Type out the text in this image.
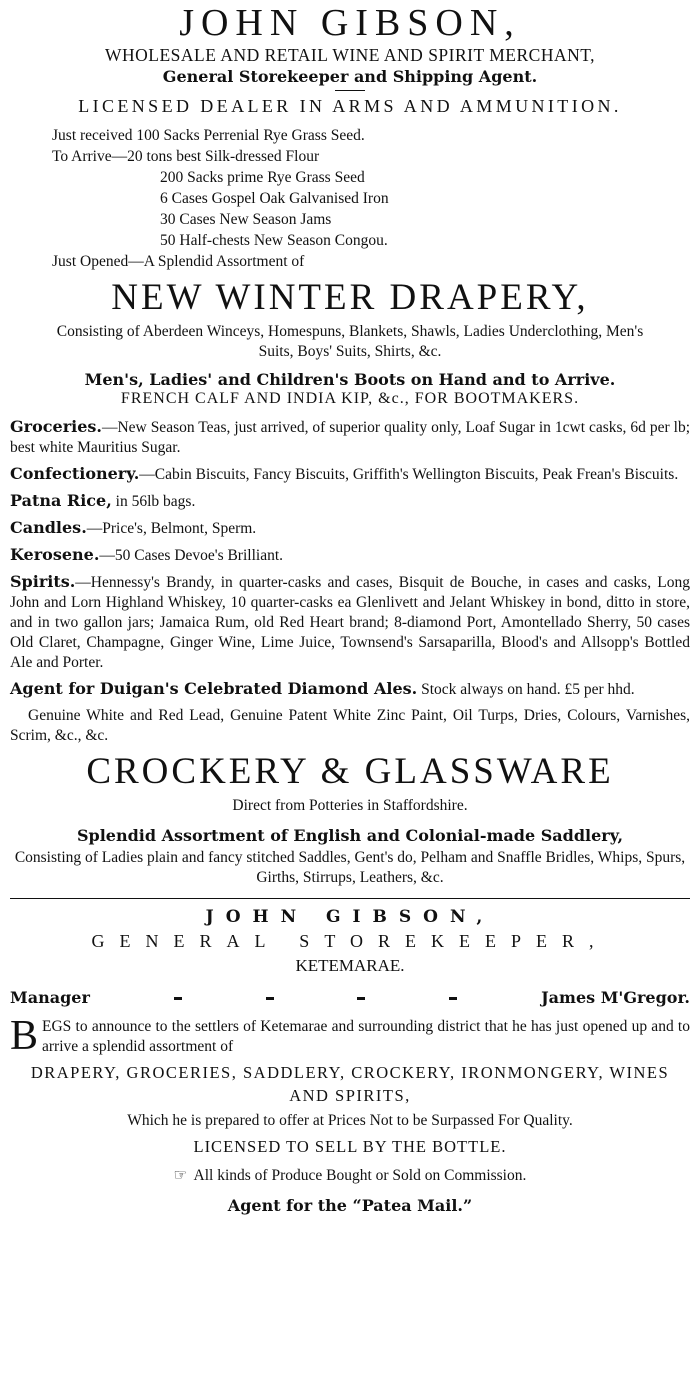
JOHN GIBSON,
WHOLESALE AND RETAIL WINE AND SPIRIT MERCHANT,
General Storekeeper and Shipping Agent.
LICENSED DEALER IN ARMS AND AMMUNITION.
Just received 100 Sacks Perrenial Rye Grass Seed.
To Arrive—20 tons best Silk-dressed Flour
200 Sacks prime Rye Grass Seed
6 Cases Gospel Oak Galvanised Iron
30 Cases New Season Jams
50 Half-chests New Season Congou.
Just Opened—A Splendid Assortment of
NEW WINTER DRAPERY,
Consisting of Aberdeen Winceys, Homespuns, Blankets, Shawls, Ladies Underclothing, Men's Suits, Boys' Suits, Shirts, &c.
Men's, Ladies' and Children's Boots on Hand and to Arrive.
FRENCH CALF AND INDIA KIP, &c., FOR BOOTMAKERS.
Groceries.—New Season Teas, just arrived, of superior quality only, Loaf Sugar in 1cwt casks, 6d per lb; best white Mauritius Sugar.
Confectionery.—Cabin Biscuits, Fancy Biscuits, Griffith's Wellington Biscuits, Peak Frean's Biscuits.
Patna Rice, in 56lb bags.
Candles.—Price's, Belmont, Sperm.
Kerosene.—50 Cases Devoe's Brilliant.
Spirits.—Hennessy's Brandy, in quarter-casks and cases, Bisquit de Bouche, in cases and casks, Long John and Lorn Highland Whiskey, 10 quarter-casks ea Glenlivett and Jelant Whiskey in bond, ditto in store, and in two gallon jars; Jamaica Rum, old Red Heart brand; 8-diamond Port, Amontellado Sherry, 50 cases Old Claret, Champagne, Ginger Wine, Lime Juice, Townsend's Sarsaparilla, Blood's and Allsopp's Bottled Ale and Porter.
Agent for Duigan's Celebrated Diamond Ales. Stock always on hand. £5 per hhd.
Genuine White and Red Lead, Genuine Patent White Zinc Paint, Oil Turps, Dries, Colours, Varnishes, Scrim, &c., &c.
CROCKERY & GLASSWARE
Direct from Potteries in Staffordshire.
Splendid Assortment of English and Colonial-made Saddlery,
Consisting of Ladies plain and fancy stitched Saddles, Gent's do, Pelham and Snaffle Bridles, Whips, Spurs, Girths, Stirrups, Leathers, &c.
JOHN GIBSON,
GENERAL STOREKEEPER,
KETEMARAE.
Manager	James M'Gregor.
BEGS to announce to the settlers of Ketemarae and surrounding district that he has just opened up and to arrive a splendid assortment of
DRAPERY, GROCERIES, SADDLERY, CROCKERY, IRONMONGERY, WINES AND SPIRITS,
Which he is prepared to offer at Prices Not to be Surpassed For Quality.
LICENSED TO SELL BY THE BOTTLE.
☞ All kinds of Produce Bought or Sold on Commission.
Agent for the “Patea Mail.”
